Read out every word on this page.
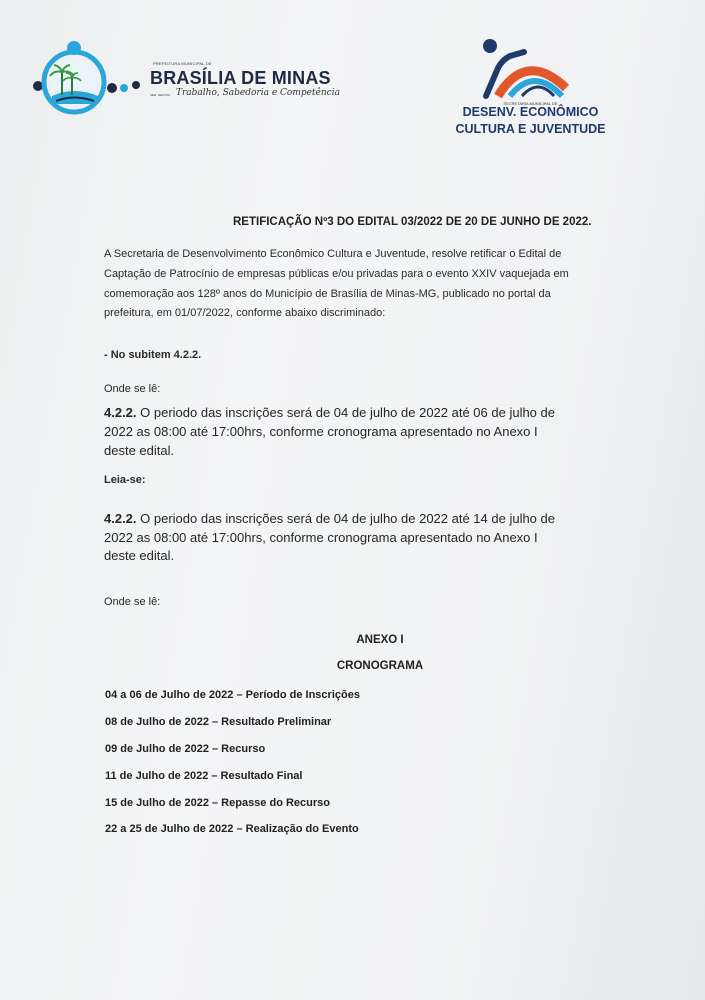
PREFEITURA MUNICIPAL DE
BRASÍLIA DE MINAS
SER. GESTÃO Trabalho, Sabedoria e Competência
SECRETARIA MUNICIPAL DE
DESENV. ECONÔMICO
CULTURA E JUVENTUDE
RETIFICAÇÃO Nº3 DO EDITAL 03/2022 DE 20 DE JUNHO DE 2022.
A Secretaria de Desenvolvimento Econômico Cultura e Juventude, resolve retificar o Edital de
Captação de Patrocínio de empresas públicas e/ou privadas para o evento XXIV vaquejada em
comemoração aos 128º anos do Município de Brasília de Minas-MG, publicado no portal da
prefeitura, em 01/07/2022, conforme abaixo discriminado:
- No subitem 4.2.2.
Onde se lê:
4.2.2. O periodo das inscrições será de 04 de julho de 2022 até 06 de julho de
2022 as 08:00 até 17:00hrs, conforme cronograma apresentado no Anexo I
deste edital.
Leia-se:
4.2.2. O periodo das inscrições será de 04 de julho de 2022 até 14 de julho de
2022 as 08:00 até 17:00hrs, conforme cronograma apresentado no Anexo I
deste edital.
Onde se lê:
ANEXO I
CRONOGRAMA
04 a 06 de Julho de 2022 – Período de Inscrições
08 de Julho de 2022 – Resultado Preliminar
09 de Julho de 2022 – Recurso
11 de Julho de 2022 – Resultado Final
15 de Julho de 2022 – Repasse do Recurso
22 a 25 de Julho de 2022 – Realização do Evento
